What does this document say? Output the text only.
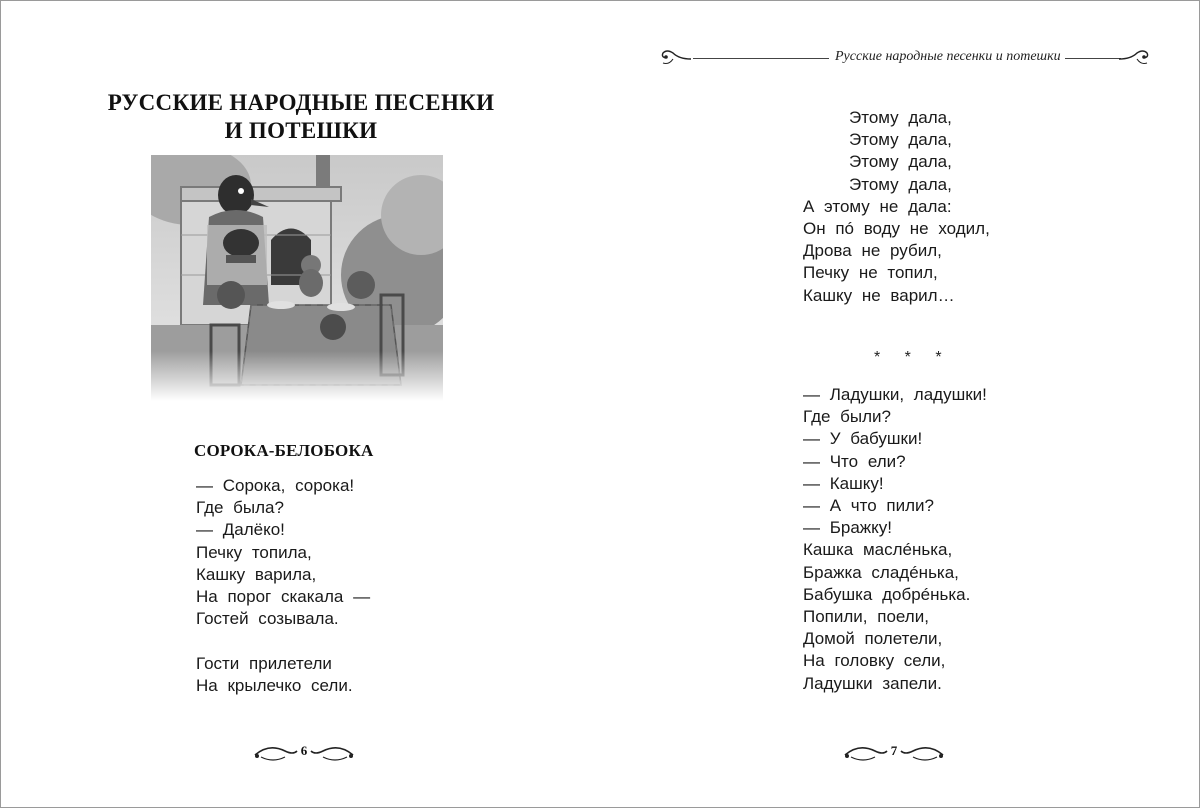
РУССКИЕ НАРОДНЫЕ ПЕСЕНКИ
И ПОТЕШКИ
СОРОКА-БЕЛОБОКА
— Сорока, сорока!
Где была?
— Далёко!
Печку топила,
Кашку варила,
На порог скакала —
Гостей созывала.
Гости прилетели
На крылечко сели.
6
Русские народные песенки и потешки
Этому дала,
Этому дала,
Этому дала,
Этому дала,
А этому не дала:
Он пó воду не ходил,
Дрова не рубил,
Печку не топил,
Кашку не варил…
* * *
— Ладушки, ладушки!
Где были?
— У бабушки!
— Что ели?
— Кашку!
— А что пили?
— Бражку!
Кашка маслéнька,
Бражка сладéнька,
Бабушка добрéнька.
Попили, поели,
Домой полетели,
На головку сели,
Ладушки запели.
7
